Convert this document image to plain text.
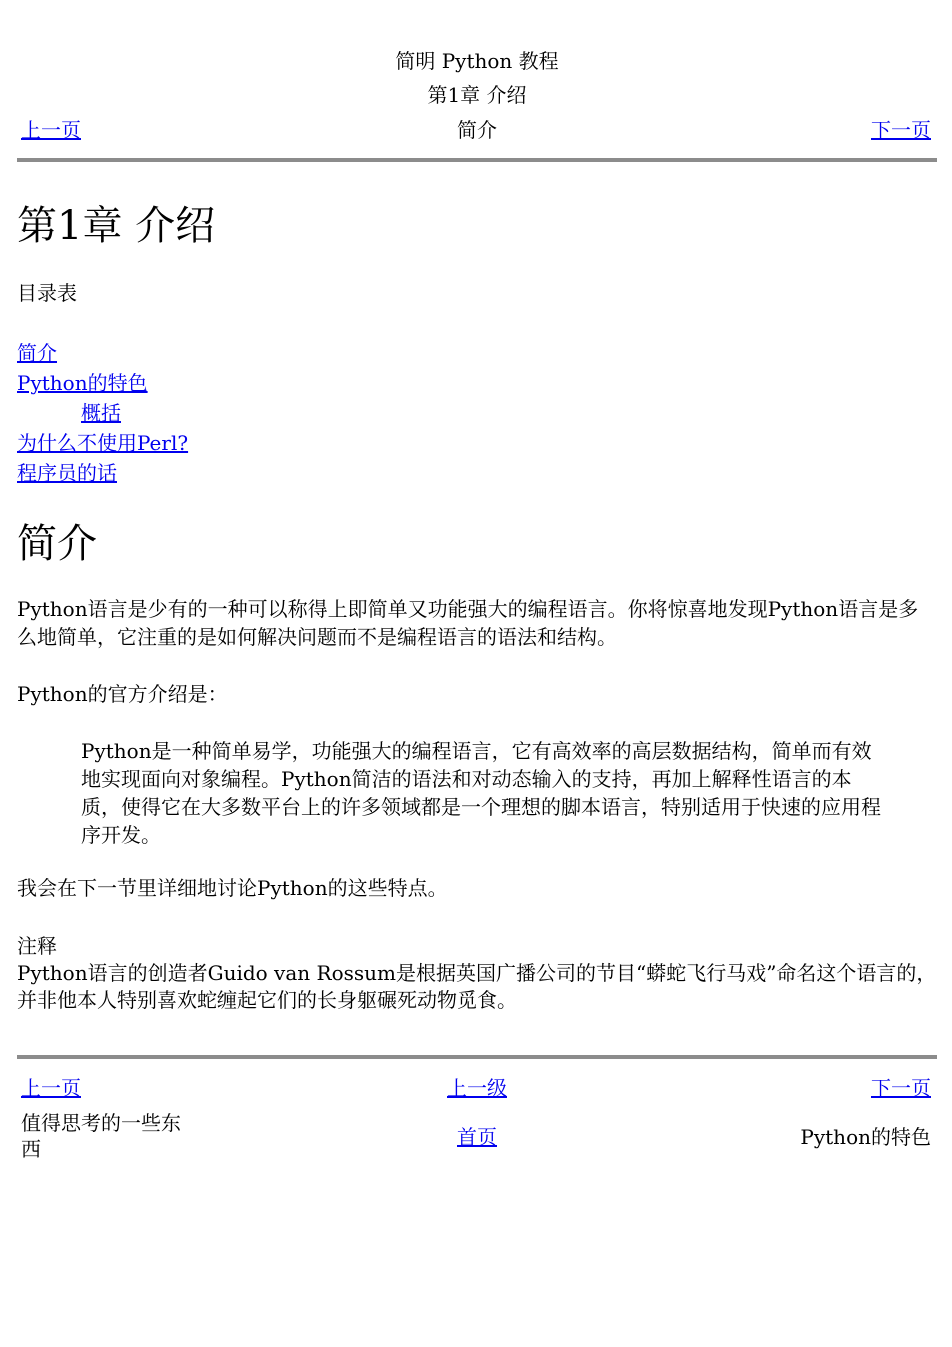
简明 Python 教程
第1章 介绍
上一页	简介	下一页
第1章 介绍
目录表
简介
Python的特色
概括
为什么不使用Perl?
程序员的话
简介
Python语言是少有的一种可以称得上即简单又功能强大的编程语言。你将惊喜地发现Python语言是多么地简单，它注重的是如何解决问题而不是编程语言的语法和结构。
Python的官方介绍是：
Python是一种简单易学，功能强大的编程语言，它有高效率的高层数据结构，简单而有效地实现面向对象编程。Python简洁的语法和对动态输入的支持，再加上解释性语言的本质，使得它在大多数平台上的许多领域都是一个理想的脚本语言，特别适用于快速的应用程序开发。
我会在下一节里详细地讨论Python的这些特点。
注释
Python语言的创造者Guido van Rossum是根据英国广播公司的节目“蟒蛇飞行马戏”命名这个语言的，并非他本人特别喜欢蛇缠起它们的长身躯碾死动物觅食。
上一页	上一级	下一页
值得思考的一些东西	首页	Python的特色
